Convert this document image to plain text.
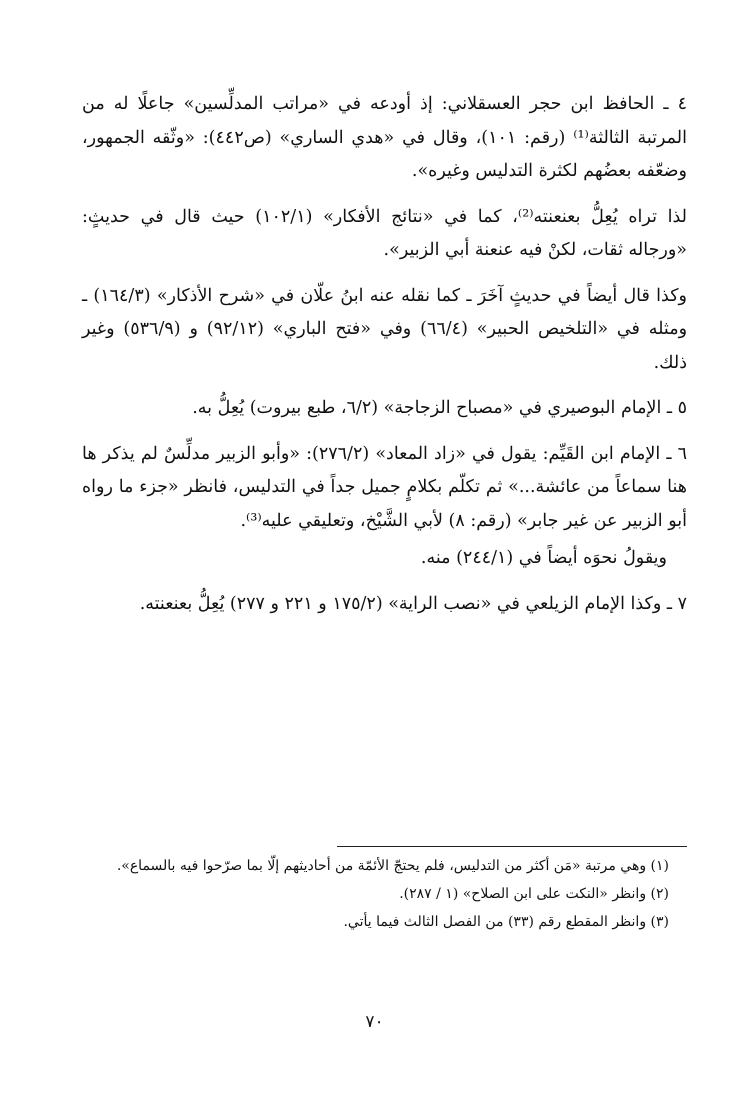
٤ ـ الحافظ ابن حجر العسقلاني: إذ أودعه في «مراتب المدلِّسين» جاعلًا له من المرتبة الثالثة⁽¹⁾ (رقم: ١٠١)، وقال في «هدي الساري» (ص٤٤٢): «وثّقه الجمهور، وضعّفه بعضُهم لكثرة التدليس وغيره».

لذا تراه يُعِلُّ بعنعنته⁽²⁾، كما في «نتائج الأفكار» (١٠٢/١) حيث قال في حديثٍ: «ورجاله ثقات، لكنْ فيه عنعنة أبي الزبير».

وكذا قال أيضاً في حديثٍ آخَرَ ـ كما نقله عنه ابنُ علّان في «شرح الأذكار» (١٦٤/٣) ـ ومثله في «التلخيص الحبير» (٦٦/٤) وفي «فتح الباري» (٩٢/١٢) و (٥٣٦/٩) وغير ذلك.

٥ ـ الإمام البوصيري في «مصباح الزجاجة» (٦/٢، طبع بيروت) يُعِلُّ به.

٦ ـ الإمام ابن القَيِّم: يقول في «زاد المعاد» (٢٧٦/٢): «وأبو الزبير مدلِّسٌ لم يذكر ها هنا سماعاً من عائشة...» ثم تكلّم بكلامٍ جميل جداً في التدليس، فانظر «جزء ما رواه أبو الزبير عن غير جابر» (رقم: ٨) لأبي الشَّيْخ، وتعليقي عليه⁽³⁾.

ويقولُ نحوَه أيضاً في (٢٤٤/١) منه.

٧ ـ وكذا الإمام الزيلعي في «نصب الراية» (١٧٥/٢ و ٢٢١ و ٢٧٧) يُعِلُّ بعنعنته.

(١) وهي مرتبة «مَن أكثر من التدليس، فلم يحتجّ الأئمّة من أحاديثهم إلّا بما صرّحوا فيه بالسماع».

(٢) وانظر «النكت على ابن الصلاح» (١ / ٢٨٧).

(٣) وانظر المقطع رقم (٣٣) من الفصل الثالث فيما يأتي.

٧٠
